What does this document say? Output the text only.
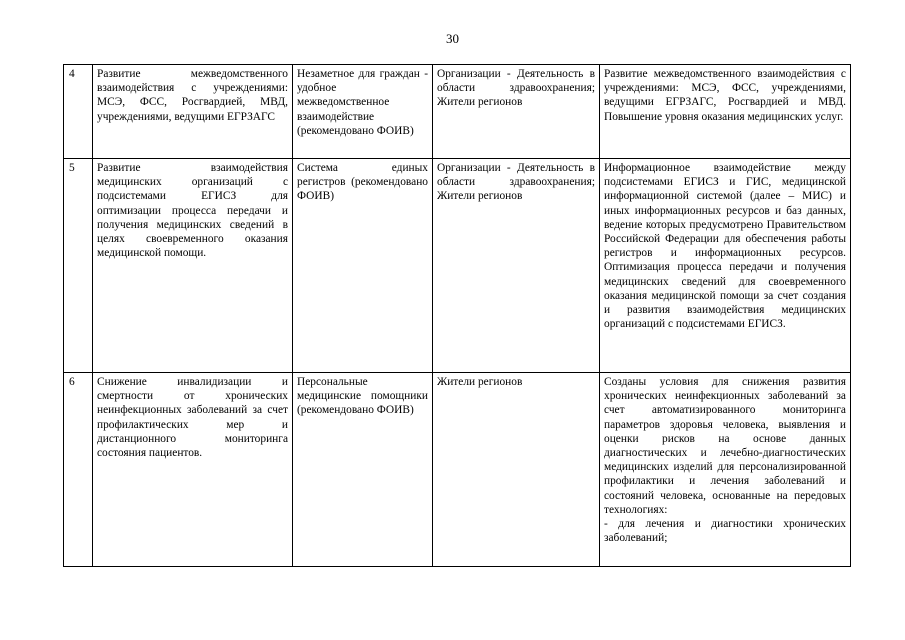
30
4	Развитие межведомственного взаимодействия с учреждениями: МСЭ, ФСС, Росгвардией, МВД, учреждениями, ведущими ЕГРЗАГС	Незаметное для граждан - удобное межведомственное взаимодействие (рекомендовано ФОИВ)	Организации - Деятельность в области здравоохранения; Жители регионов	Развитие межведомственного взаимодействия с учреждениями: МСЭ, ФСС, учреждениями, ведущими ЕГРЗАГС, Росгвардией и МВД. Повышение уровня оказания медицинских услуг.

5	Развитие взаимодействия медицинских организаций с подсистемами ЕГИСЗ для оптимизации процесса передачи и получения медицинских сведений в целях своевременного оказания медицинской помощи.	Система единых регистров (рекомендовано ФОИВ)	Организации - Деятельность в области здравоохранения; Жители регионов	Информационное взаимодействие между подсистемами ЕГИСЗ и ГИС, медицинской информационной системой (далее – МИС) и иных информационных ресурсов и баз данных, ведение которых предусмотрено Правительством Российской Федерации для обеспечения работы регистров и информационных ресурсов. Оптимизация процесса передачи и получения медицинских сведений для своевременного оказания медицинской помощи за счет создания и развития взаимодействия медицинских организаций с подсистемами ЕГИСЗ.

6	Снижение инвалидизации и смертности от хронических неинфекционных заболеваний за счет профилактических мер и дистанционного мониторинга состояния пациентов.	Персональные медицинские помощники (рекомендовано ФОИВ)	Жители регионов	Созданы условия для снижения развития хронических неинфекционных заболеваний за счет автоматизированного мониторинга параметров здоровья человека, выявления и оценки рисков на основе данных диагностических и лечебно-диагностических медицинских изделий для персонализированной профилактики и лечения заболеваний и состояний человека, основанные на передовых технологиях:
- для лечения и диагностики хронических заболеваний;
